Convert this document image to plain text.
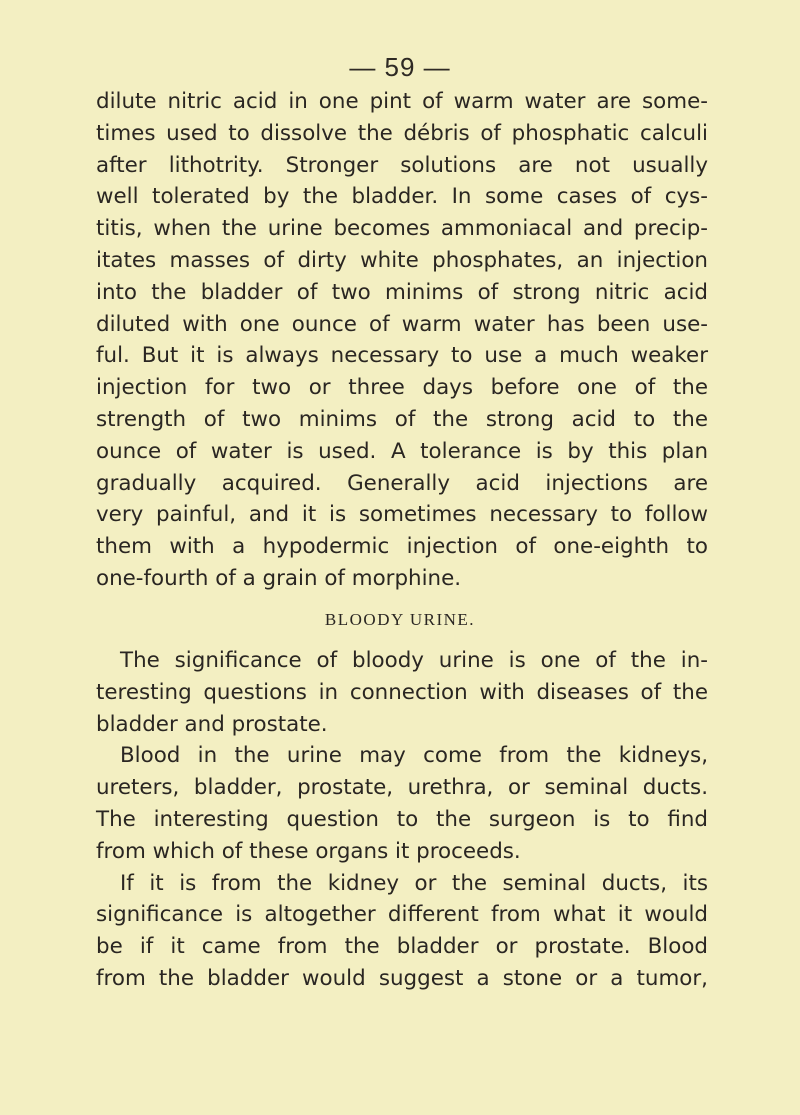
— 59 —
dilute nitric acid in one pint of warm water are some-
times used to dissolve the débris of phosphatic calculi
after lithotrity. Stronger solutions are not usually
well tolerated by the bladder. In some cases of cys-
titis, when the urine becomes ammoniacal and precip-
itates masses of dirty white phosphates, an injection
into the bladder of two minims of strong nitric acid
diluted with one ounce of warm water has been use-
ful. But it is always necessary to use a much weaker
injection for two or three days before one of the
strength of two minims of the strong acid to the
ounce of water is used. A tolerance is by this plan
gradually acquired. Generally acid injections are
very painful, and it is sometimes necessary to follow
them with a hypodermic injection of one-eighth to
one-fourth of a grain of morphine.
BLOODY URINE.
The significance of bloody urine is one of the in-
teresting questions in connection with diseases of the
bladder and prostate.
Blood in the urine may come from the kidneys,
ureters, bladder, prostate, urethra, or seminal ducts.
The interesting question to the surgeon is to find
from which of these organs it proceeds.
If it is from the kidney or the seminal ducts, its
significance is altogether different from what it would
be if it came from the bladder or prostate. Blood
from the bladder would suggest a stone or a tumor,
